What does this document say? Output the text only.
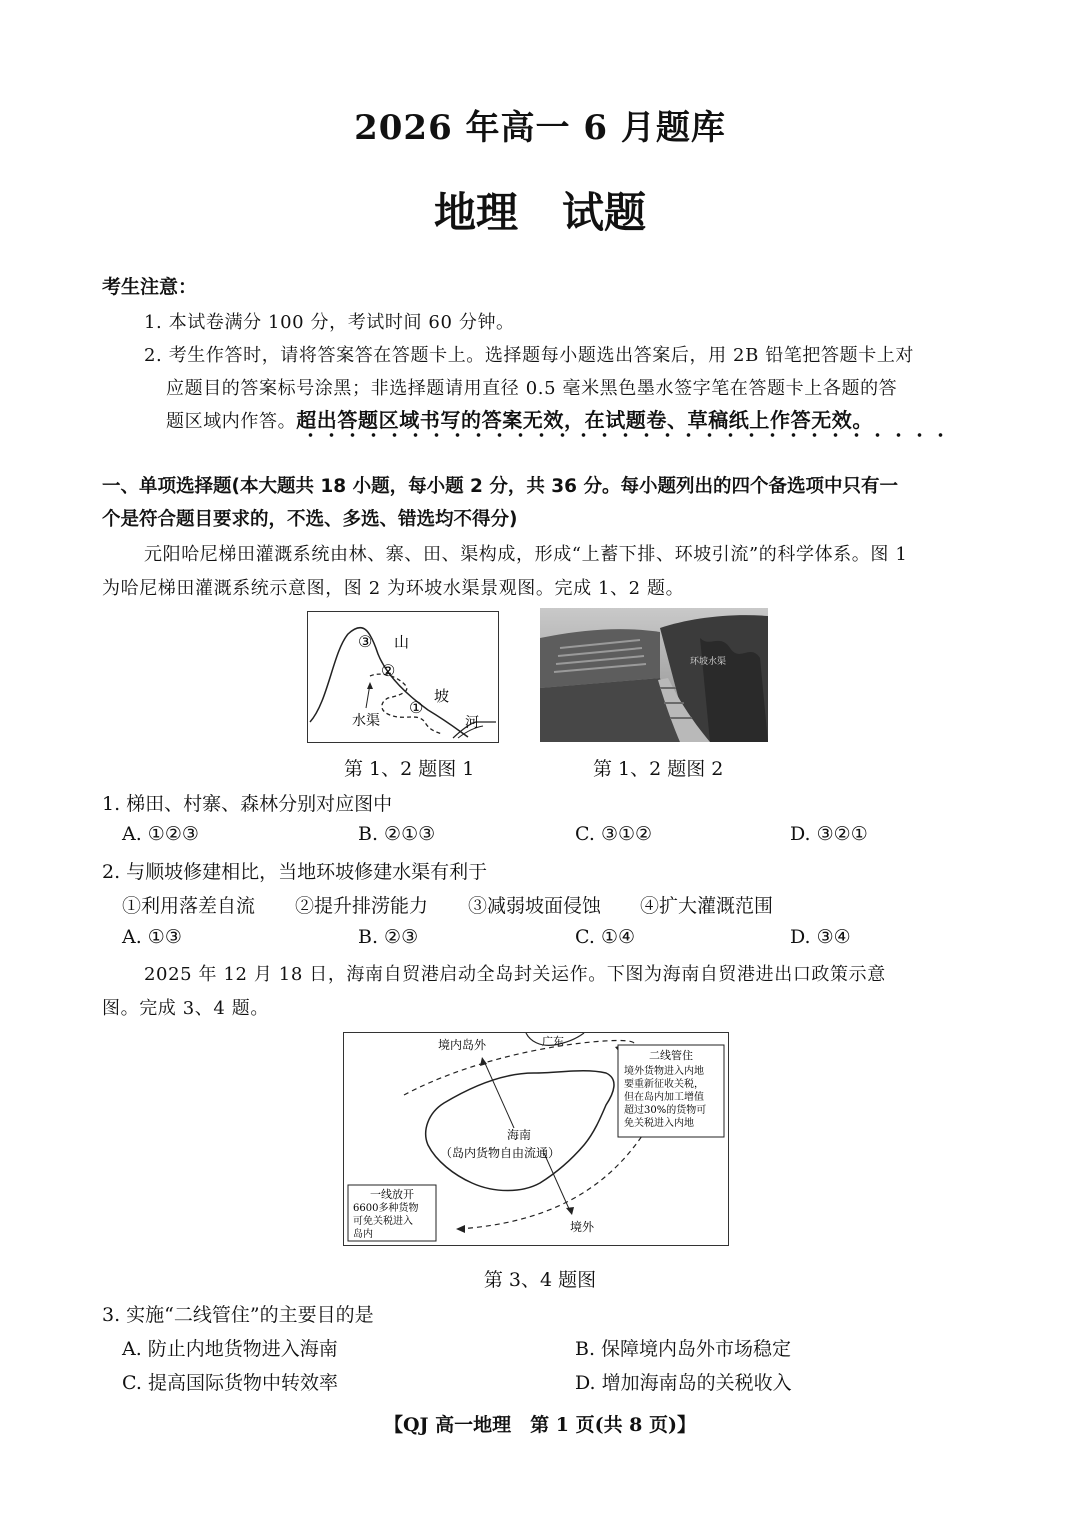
2026 年高一 6 月题库
地理 试题
考生注意：
1. 本试卷满分 100 分，考试时间 60 分钟。
2. 考生作答时，请将答案答在答题卡上。选择题每小题选出答案后，用 2B 铅笔把答题卡上对
应题目的答案标号涂黑；非选择题请用直径 0.5 毫米黑色墨水签字笔在答题卡上各题的答
题区域内作答。超出答题区域书写的答案无效，在试题卷、草稿纸上作答无效。
一、单项选择题(本大题共 18 小题，每小题 2 分，共 36 分。每小题列出的四个备选项中只有一
个是符合题目要求的，不选、多选、错选均不得分)
元阳哈尼梯田灌溉系统由林、寨、田、渠构成，形成“上蓄下排、环坡引流”的科学体系。图 1
为哈尼梯田灌溉系统示意图，图 2 为环坡水渠景观图。完成 1、2 题。
③ 山
②
坡
水渠
①
河
环坡水渠
第 1、2 题图 1	第 1、2 题图 2
1. 梯田、村寨、森林分别对应图中
A. ①②③	B. ②①③	C. ③①②	D. ③②①
2. 与顺坡修建相比，当地环坡修建水渠有利于
①利用落差自流 ②提升排涝能力 ③减弱坡面侵蚀 ④扩大灌溉范围
A. ①③	B. ②③	C. ①④	D. ③④
2025 年 12 月 18 日，海南自贸港启动全岛封关运作。下图为海南自贸港进出口政策示意
图。完成 3、4 题。
广东
境内岛外
海南
（岛内货物自由流通）
境外
二线管住
境外货物进入内地
要重新征收关税，
但在岛内加工增值
超过30%的货物可
免关税进入内地
一线放开
6600多种货物
可免关税进入
岛内
第 3、4 题图
3. 实施“二线管住”的主要目的是
A. 防止内地货物进入海南	B. 保障境内岛外市场稳定
C. 提高国际货物中转效率	D. 增加海南岛的关税收入
【QJ 高一地理　第 1 页(共 8 页)】
